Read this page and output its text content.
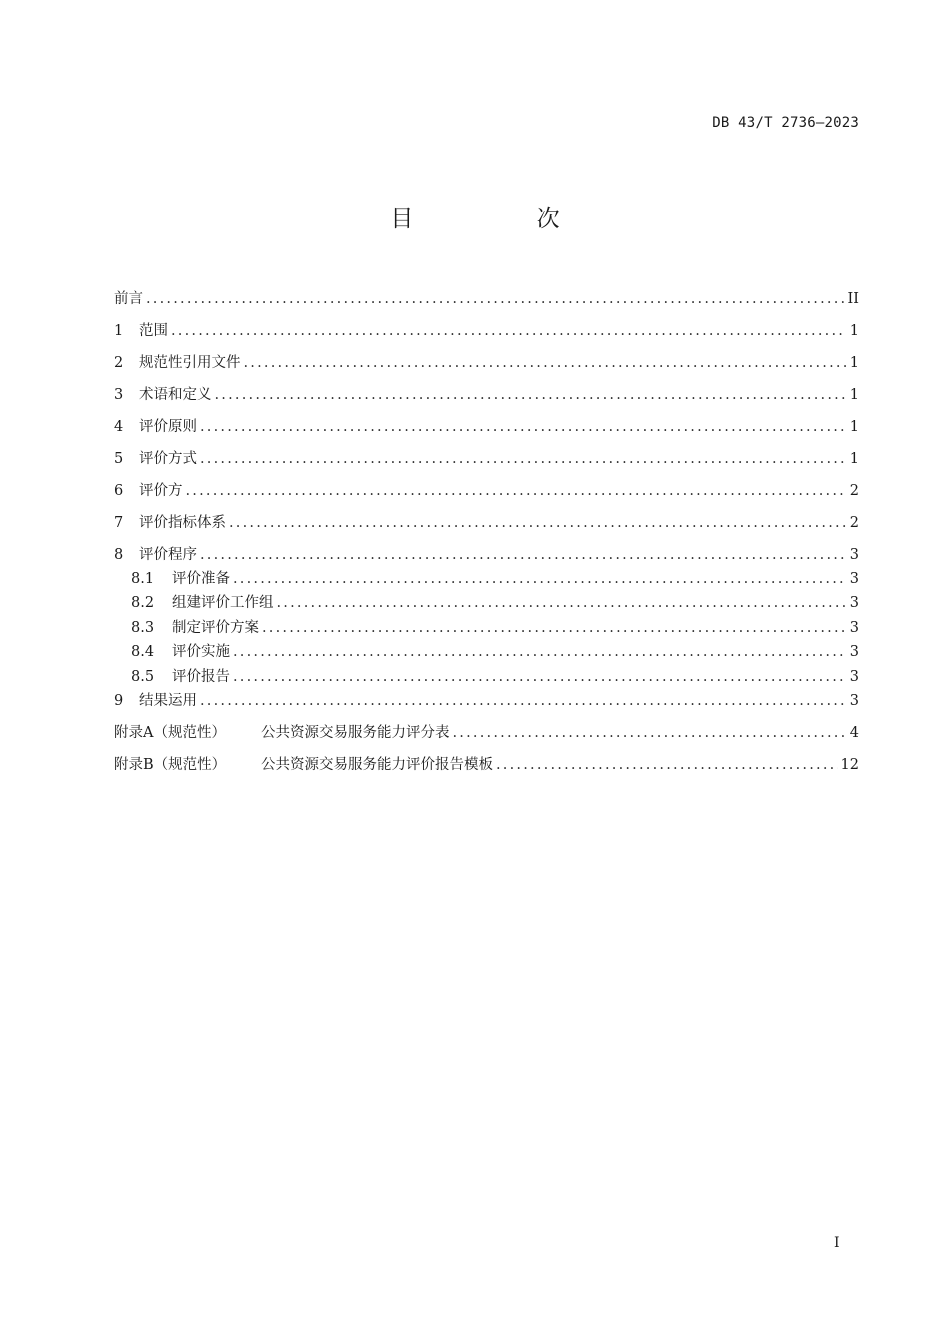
DB 43/T 2736—2023
目 次
前言 .....	II
1	范围 .....	1
2	规范性引用文件 .....	1
3	术语和定义 .....	1
4	评价原则 .....	1
5	评价方式 .....	1
6	评价方 .....	2
7	评价指标体系 .....	2
8	评价程序 .....	3
8.1	评价准备 .....	3
8.2	组建评价工作组 .....	3
8.3	制定评价方案 .....	3
8.4	评价实施 .....	3
8.5	评价报告 .....	3
9	结果运用 .....	3
附录A（规范性）	公共资源交易服务能力评分表 .....	4
附录B（规范性）	公共资源交易服务能力评价报告模板 .....	12
I
